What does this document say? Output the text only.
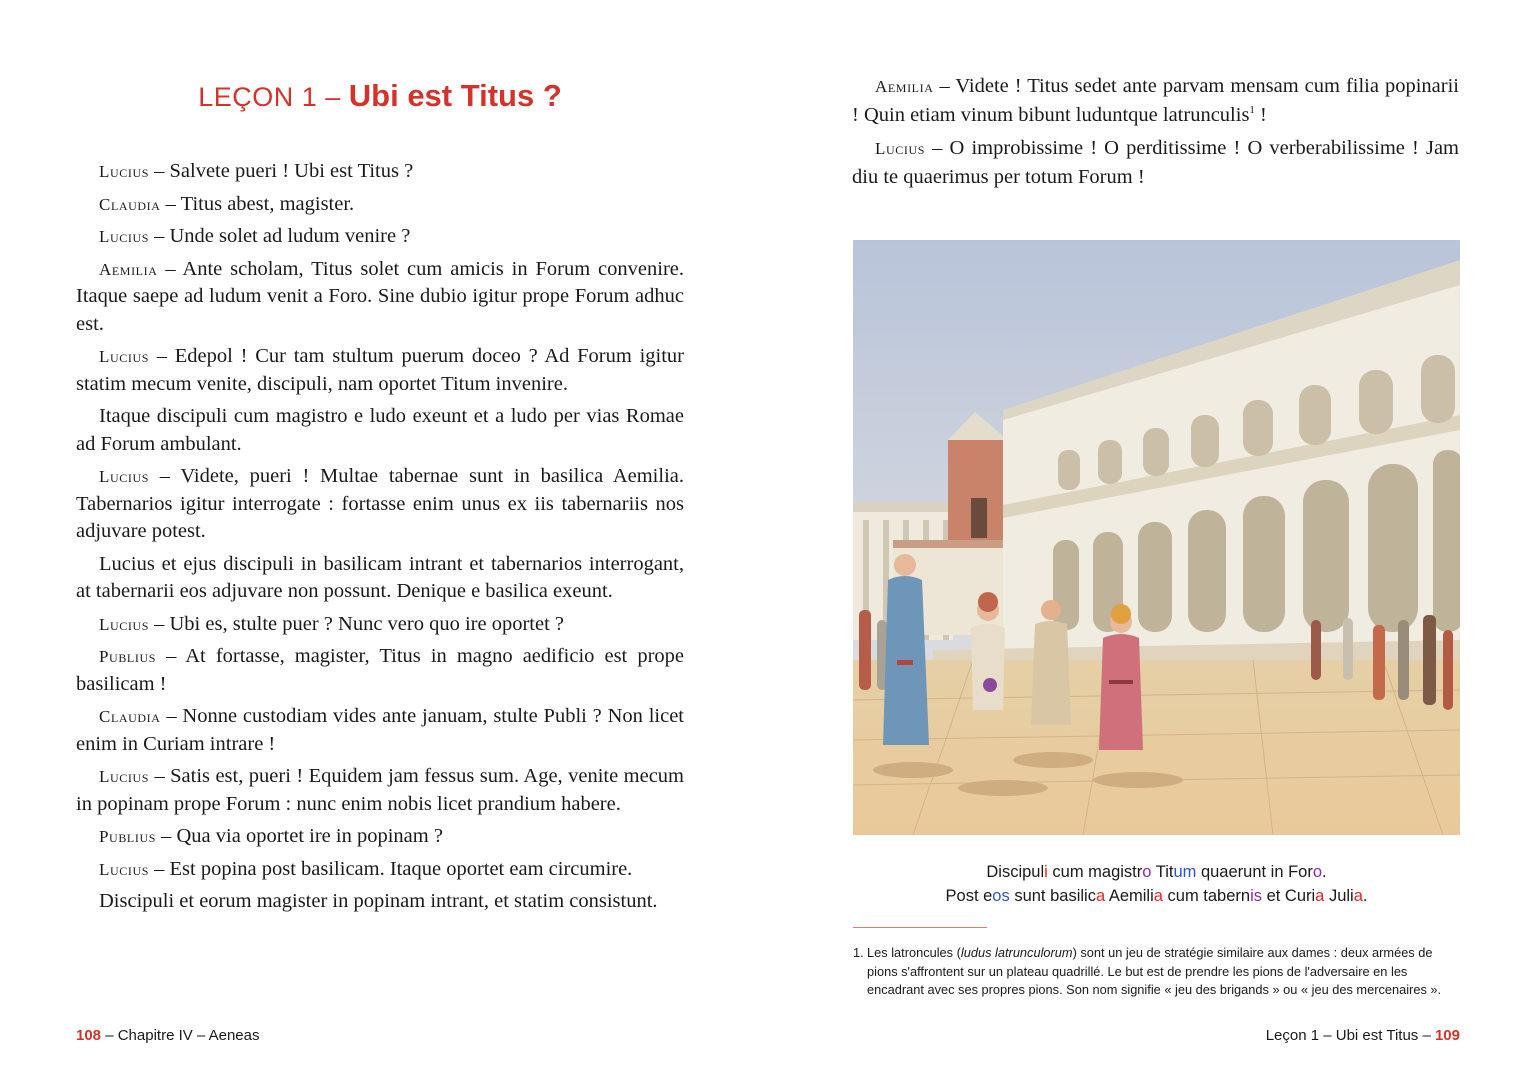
LEÇON 1 – Ubi est Titus ?

Lucius – Salvete pueri ! Ubi est Titus ?

Claudia – Titus abest, magister.

Lucius – Unde solet ad ludum venire ?

Aemilia – Ante scholam, Titus solet cum amicis in Forum convenire. Itaque saepe ad ludum venit a Foro. Sine dubio igitur prope Forum adhuc est.

Lucius – Edepol ! Cur tam stultum puerum doceo ? Ad Forum igitur statim mecum venite, discipuli, nam oportet Titum invenire.

Itaque discipuli cum magistro e ludo exeunt et a ludo per vias Romae ad Forum ambulant.

Lucius – Videte, pueri ! Multae tabernae sunt in basilica Aemilia. Tabernarios igitur interrogate : fortasse enim unus ex iis tabernariis nos adjuvare potest.

Lucius et ejus discipuli in basilicam intrant et tabernarios interrogant, at tabernarii eos adjuvare non possunt. Denique e basilica exeunt.

Lucius – Ubi es, stulte puer ? Nunc vero quo ire oportet ?

Publius – At fortasse, magister, Titus in magno aedificio est prope basilicam !

Claudia – Nonne custodiam vides ante januam, stulte Publi ? Non licet enim in Curiam intrare !

Lucius – Satis est, pueri ! Equidem jam fessus sum. Age, venite mecum in popinam prope Forum : nunc enim nobis licet prandium habere.

Publius – Qua via oportet ire in popinam ?

Lucius – Est popina post basilicam. Itaque oportet eam circumire.

Discipuli et eorum magister in popinam intrant, et statim consistunt.

108 – Chapitre IV – Aeneas

Aemilia – Videte ! Titus sedet ante parvam mensam cum filia popinarii ! Quin etiam vinum bibunt luduntque latrunculis$^1$ !

Lucius – O improbissime ! O perditissime ! O verberabilissime ! Jam diu te quaerimus per totum Forum !

Discipuli cum magistro Titum quaerunt in Foro.
Post eos sunt basilica Aemilia cum tabernis et Curia Julia.
1. Les latroncules (ludus latrunculorum) sont un jeu de stratégie similaire aux dames : deux armées de pions s'affrontent sur un plateau quadrillé. Le but est de prendre les pions de l'adversaire en les encadrant avec ses propres pions. Son nom signifie « jeu des brigands » ou « jeu des mercenaires ».
Leçon 1 – Ubi est Titus – 109
